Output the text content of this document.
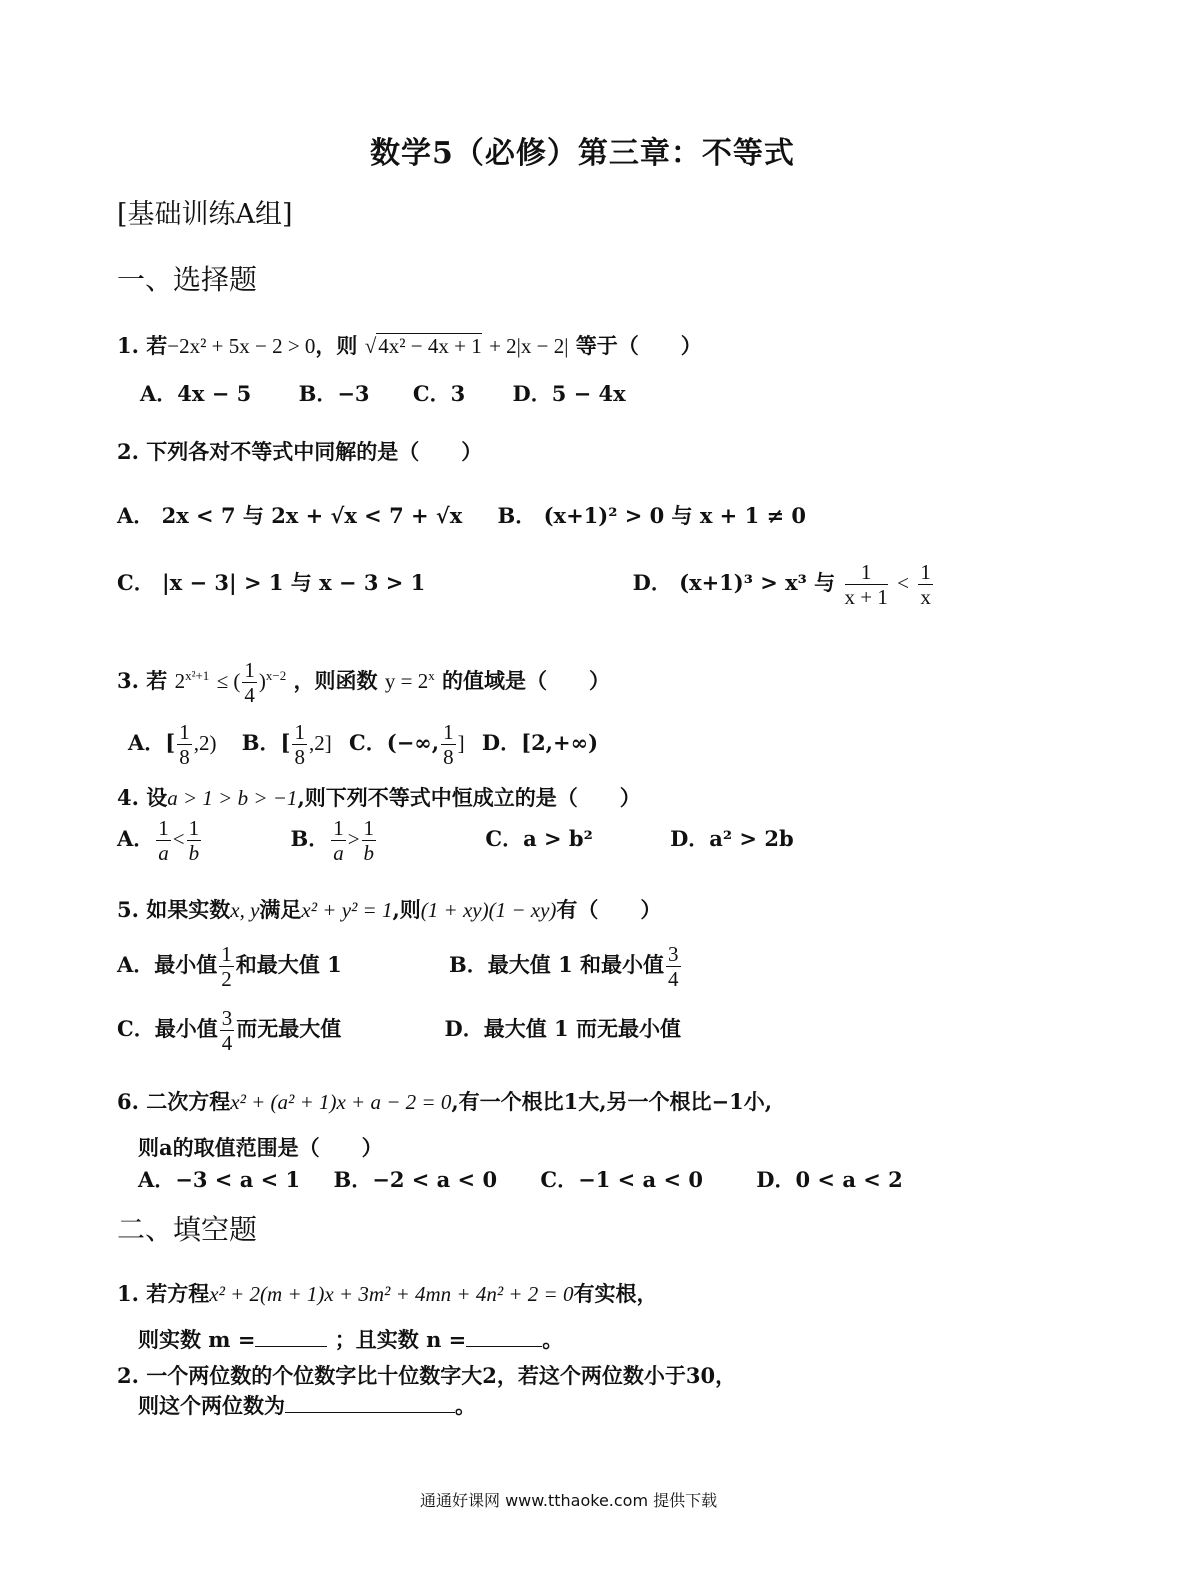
数学5（必修）第三章：不等式
[基础训练A组]
一、选择题
1. 若−2x² + 5x − 2 > 0，则 √4x² − 4x + 1 + 2|x − 2| 等于（　　）
A．4x − 5 B．−3 C．3 D．5 − 4x
2. 下列各对不等式中同解的是（　　）
A． 2x < 7 与 2x + √x < 7 + √x B． (x+1)² > 0 与 x + 1 ≠ 0
C． |x − 3| > 1 与 x − 3 > 1	D． (x+1)³ > x³ 与 $\frac{1}{x + 1} < \frac{1}{x}$
3. 若 $2^{x^2+1}$ ≤ ( $\frac{1}{4} )^{x-2}$ ，则函数 $y = 2^x$ 的值域是（　　）
A．[ $\frac{1}{8} ,2$) B．[ $\frac{1}{8} ,2$] C．(−∞, $\frac{1}{8}$ ] D．[2,+∞)
4. 设a > 1 > b > −1,则下列不等式中恒成立的是（　　）
A． $\frac{1}{a} < \frac{1}{b}$	B． $\frac{1}{a} > \frac{1}{b}$	C．a > b²	D．a² > 2b
5. 如果实数x, y满足x² + y² = 1,则(1 + xy)(1 − xy)有（　　）
A．最小值 $\frac{1}{2}$ 和最大值 1	B．最大值 1 和最小值 $\frac{3}{4}$
C．最小值 $\frac{3}{4}$ 而无最大值	D．最大值 1 而无最小值
6. 二次方程x² + (a² + 1)x + a − 2 = 0,有一个根比1大,另一个根比−1小,
则a的取值范围是（　　）
A．−3 < a < 1 B．−2 < a < 0 C．−1 < a < 0	D．0 < a < 2
二、填空题
1. 若方程x² + 2(m + 1)x + 3m² + 4mn + 4n² + 2 = 0有实根，
则实数 m =	；且实数 n =	。
2. 一个两位数的个位数字比十位数字大2，若这个两位数小于30，
则这个两位数为	。
通通好课网 www.tthaoke.com 提供下载
